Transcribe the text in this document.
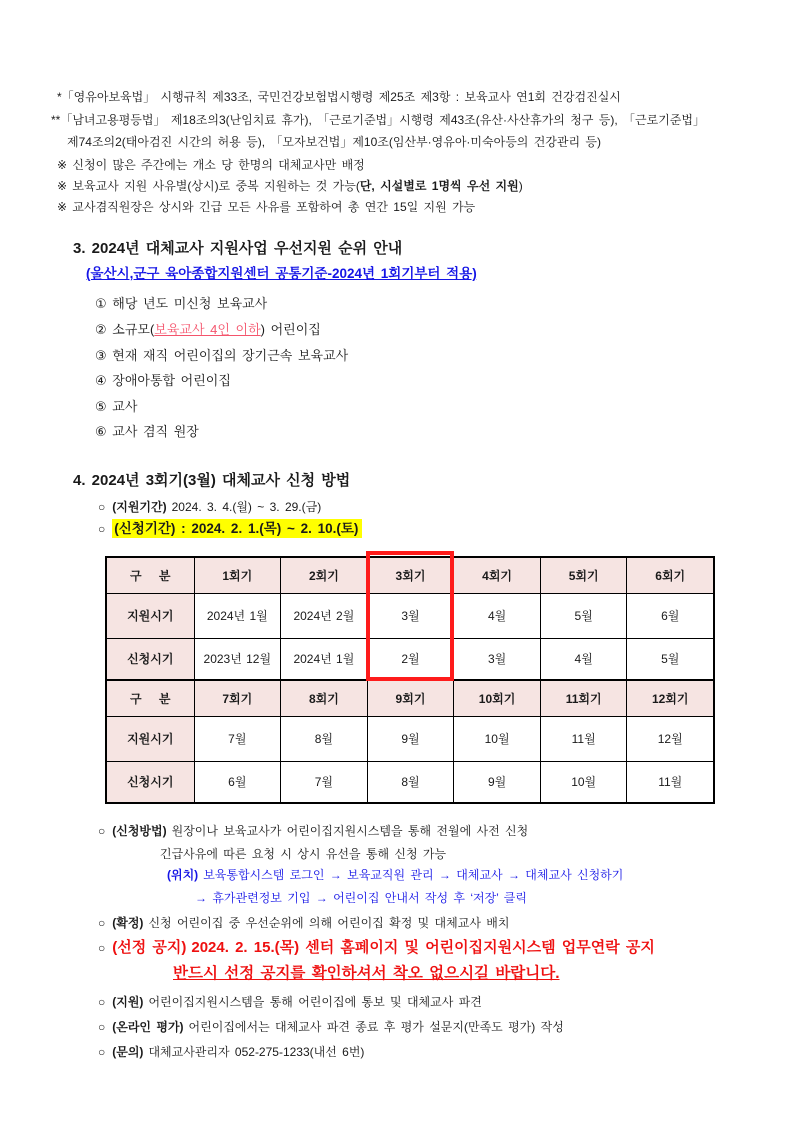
*「영유아보육법」 시행규칙 제33조, 국민건강보험법시행령 제25조 제3항 : 보육교사 연1회 건강검진실시
**「남녀고용평등법」 제18조의3(난임치료 휴가), 「근로기준법」시행령 제43조(유산·사산휴가의 청구 등), 「근로기준법」
제74조의2(태아검진 시간의 허용 등), 「모자보건법」제10조(임산부·영유아·미숙아등의 건강관리 등)
※ 신청이 많은 주간에는 개소 당 한명의 대체교사만 배정
※ 보육교사 지원 사유별(상시)로 중복 지원하는 것 가능(단, 시설별로 1명씩 우선 지원)
※ 교사겸직원장은 상시와 긴급 모든 사유를 포함하여 총 연간 15일 지원 가능
3. 2024년 대체교사 지원사업 우선지원 순위 안내
(울산시,군구 육아종합지원센터 공통기준-2024년 1회기부터 적용)
① 해당 년도 미신청 보육교사
② 소규모(보육교사 4인 이하) 어린이집
③ 현재 재직 어린이집의 장기근속 보육교사
④ 장애아통합 어린이집
⑤ 교사
⑥ 교사 겸직 원장
4. 2024년 3회기(3월) 대체교사 신청 방법
○ (지원기간) 2024. 3. 4.(월) ~ 3. 29.(금)
○ (신청기간) : 2024. 2. 1.(목) ~ 2. 10.(토)
구    분	1회기	2회기	3회기	4회기	5회기	6회기
지원시기	2024년 1월	2024년 2월	3월	4월	5월	6월
신청시기	2023년 12월	2024년 1월	2월	3월	4월	5월
구    분	7회기	8회기	9회기	10회기	11회기	12회기
지원시기	7월	8월	9월	10월	11월	12월
신청시기	6월	7월	8월	9월	10월	11월
○ (신청방법) 원장이나 보육교사가 어린이집지원시스템을 통해 전월에 사전 신청
긴급사유에 따른 요청 시 상시 유선을 통해 신청 가능
(위치) 보육통합시스템 로그인 → 보육교직원 관리 → 대체교사 → 대체교사 신청하기
→ 휴가관련정보 기입 → 어린이집 안내서 작성 후 ‘저장’ 클릭
○ (확정) 신청 어린이집 중 우선순위에 의해 어린이집 확정 및 대체교사 배치
○ (선정 공지) 2024. 2. 15.(목) 센터 홈페이지 및 어린이집지원시스템 업무연락 공지
반드시 선정 공지를 확인하셔서 착오 없으시길 바랍니다.
○ (지원) 어린이집지원시스템을 통해 어린이집에 통보 및 대체교사 파견
○ (온라인 평가) 어린이집에서는 대체교사 파견 종료 후 평가 설문지(만족도 평가) 작성
○ (문의) 대체교사관리자 052-275-1233(내선 6번)
